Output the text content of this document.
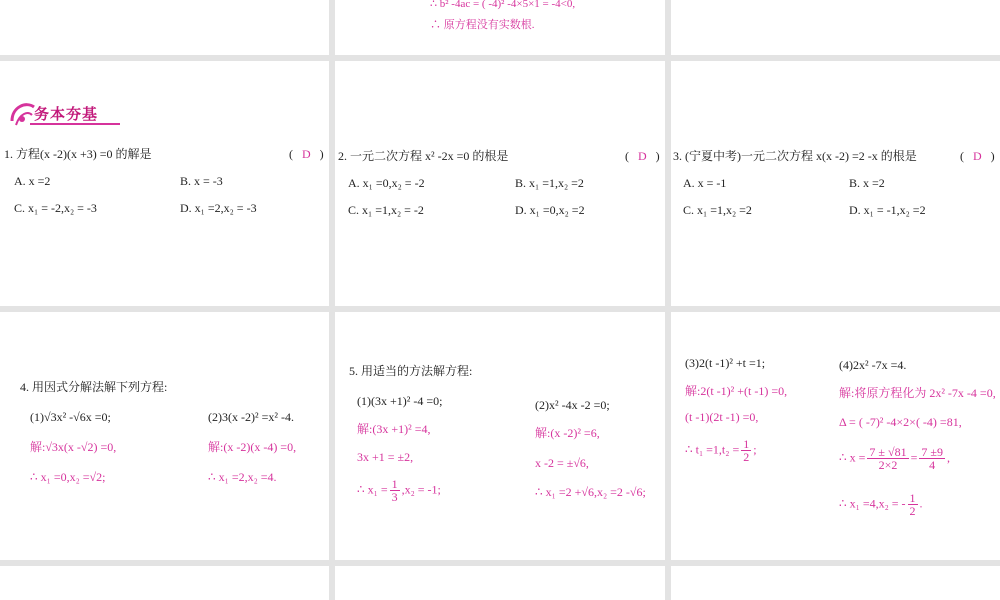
∴ b² -4ac = ( -4)² -4×5×1 = -4<0,
∴ 原方程没有实数根.
务本夯基
1. 方程(x -2)(x +3) =0 的解是	(   D   )
A. x =2	B. x = -3
C. x₁ = -2,x₂ = -3	D. x₁ =2,x₂ = -3
2. 一元二次方程 x² -2x =0 的根是	(   D   )
A. x₁ =0,x₂ = -2	B. x₁ =1,x₂ =2
C. x₁ =1,x₂ = -2	D. x₁ =0,x₂ =2
3. (宁夏中考)一元二次方程 x(x -2) =2 -x 的根是	(   D   )
A. x = -1	B. x =2
C. x₁ =1,x₂ =2	D. x₁ = -1,x₂ =2
4. 用因式分解法解下列方程:
(1)√3x² -√6x =0;	(2)3(x -2)² =x² -4.
解:√3x(x -√2) =0,	解:(x -2)(x -4) =0,
∴ x₁ =0,x₂ =√2;	∴ x₁ =2,x₂ =4.
5. 用适当的方法解方程:
(1)(3x +1)² -4 =0;	(2)x² -4x -2 =0;
解:(3x +1)² =4,	解:(x -2)² =6,
3x +1 = ±2,	x -2 = ±√6,
∴ $x_1 = \frac{1}{3} ,x_2 = -1$;	∴ x₁ =2 +√6,x₂ =2 -√6;
(3)2(t -1)² +t =1;	(4)2x² -7x =4.
解:2(t -1)² +(t -1) =0,	解:将原方程化为 2x² -7x -4 =0,
(t -1)(2t -1) =0,	Δ = ( -7)² -4×2×( -4) =81,
∴ $t_1 =1,t_2 = \frac{1}{2}$ ;
∴ $x = \frac{7 \pm √81}{2\times 2} = \frac{7 \pm 9}{4}$ ,
∴ x₁ =4,x₂ = - $\frac{1}{2}$ .
